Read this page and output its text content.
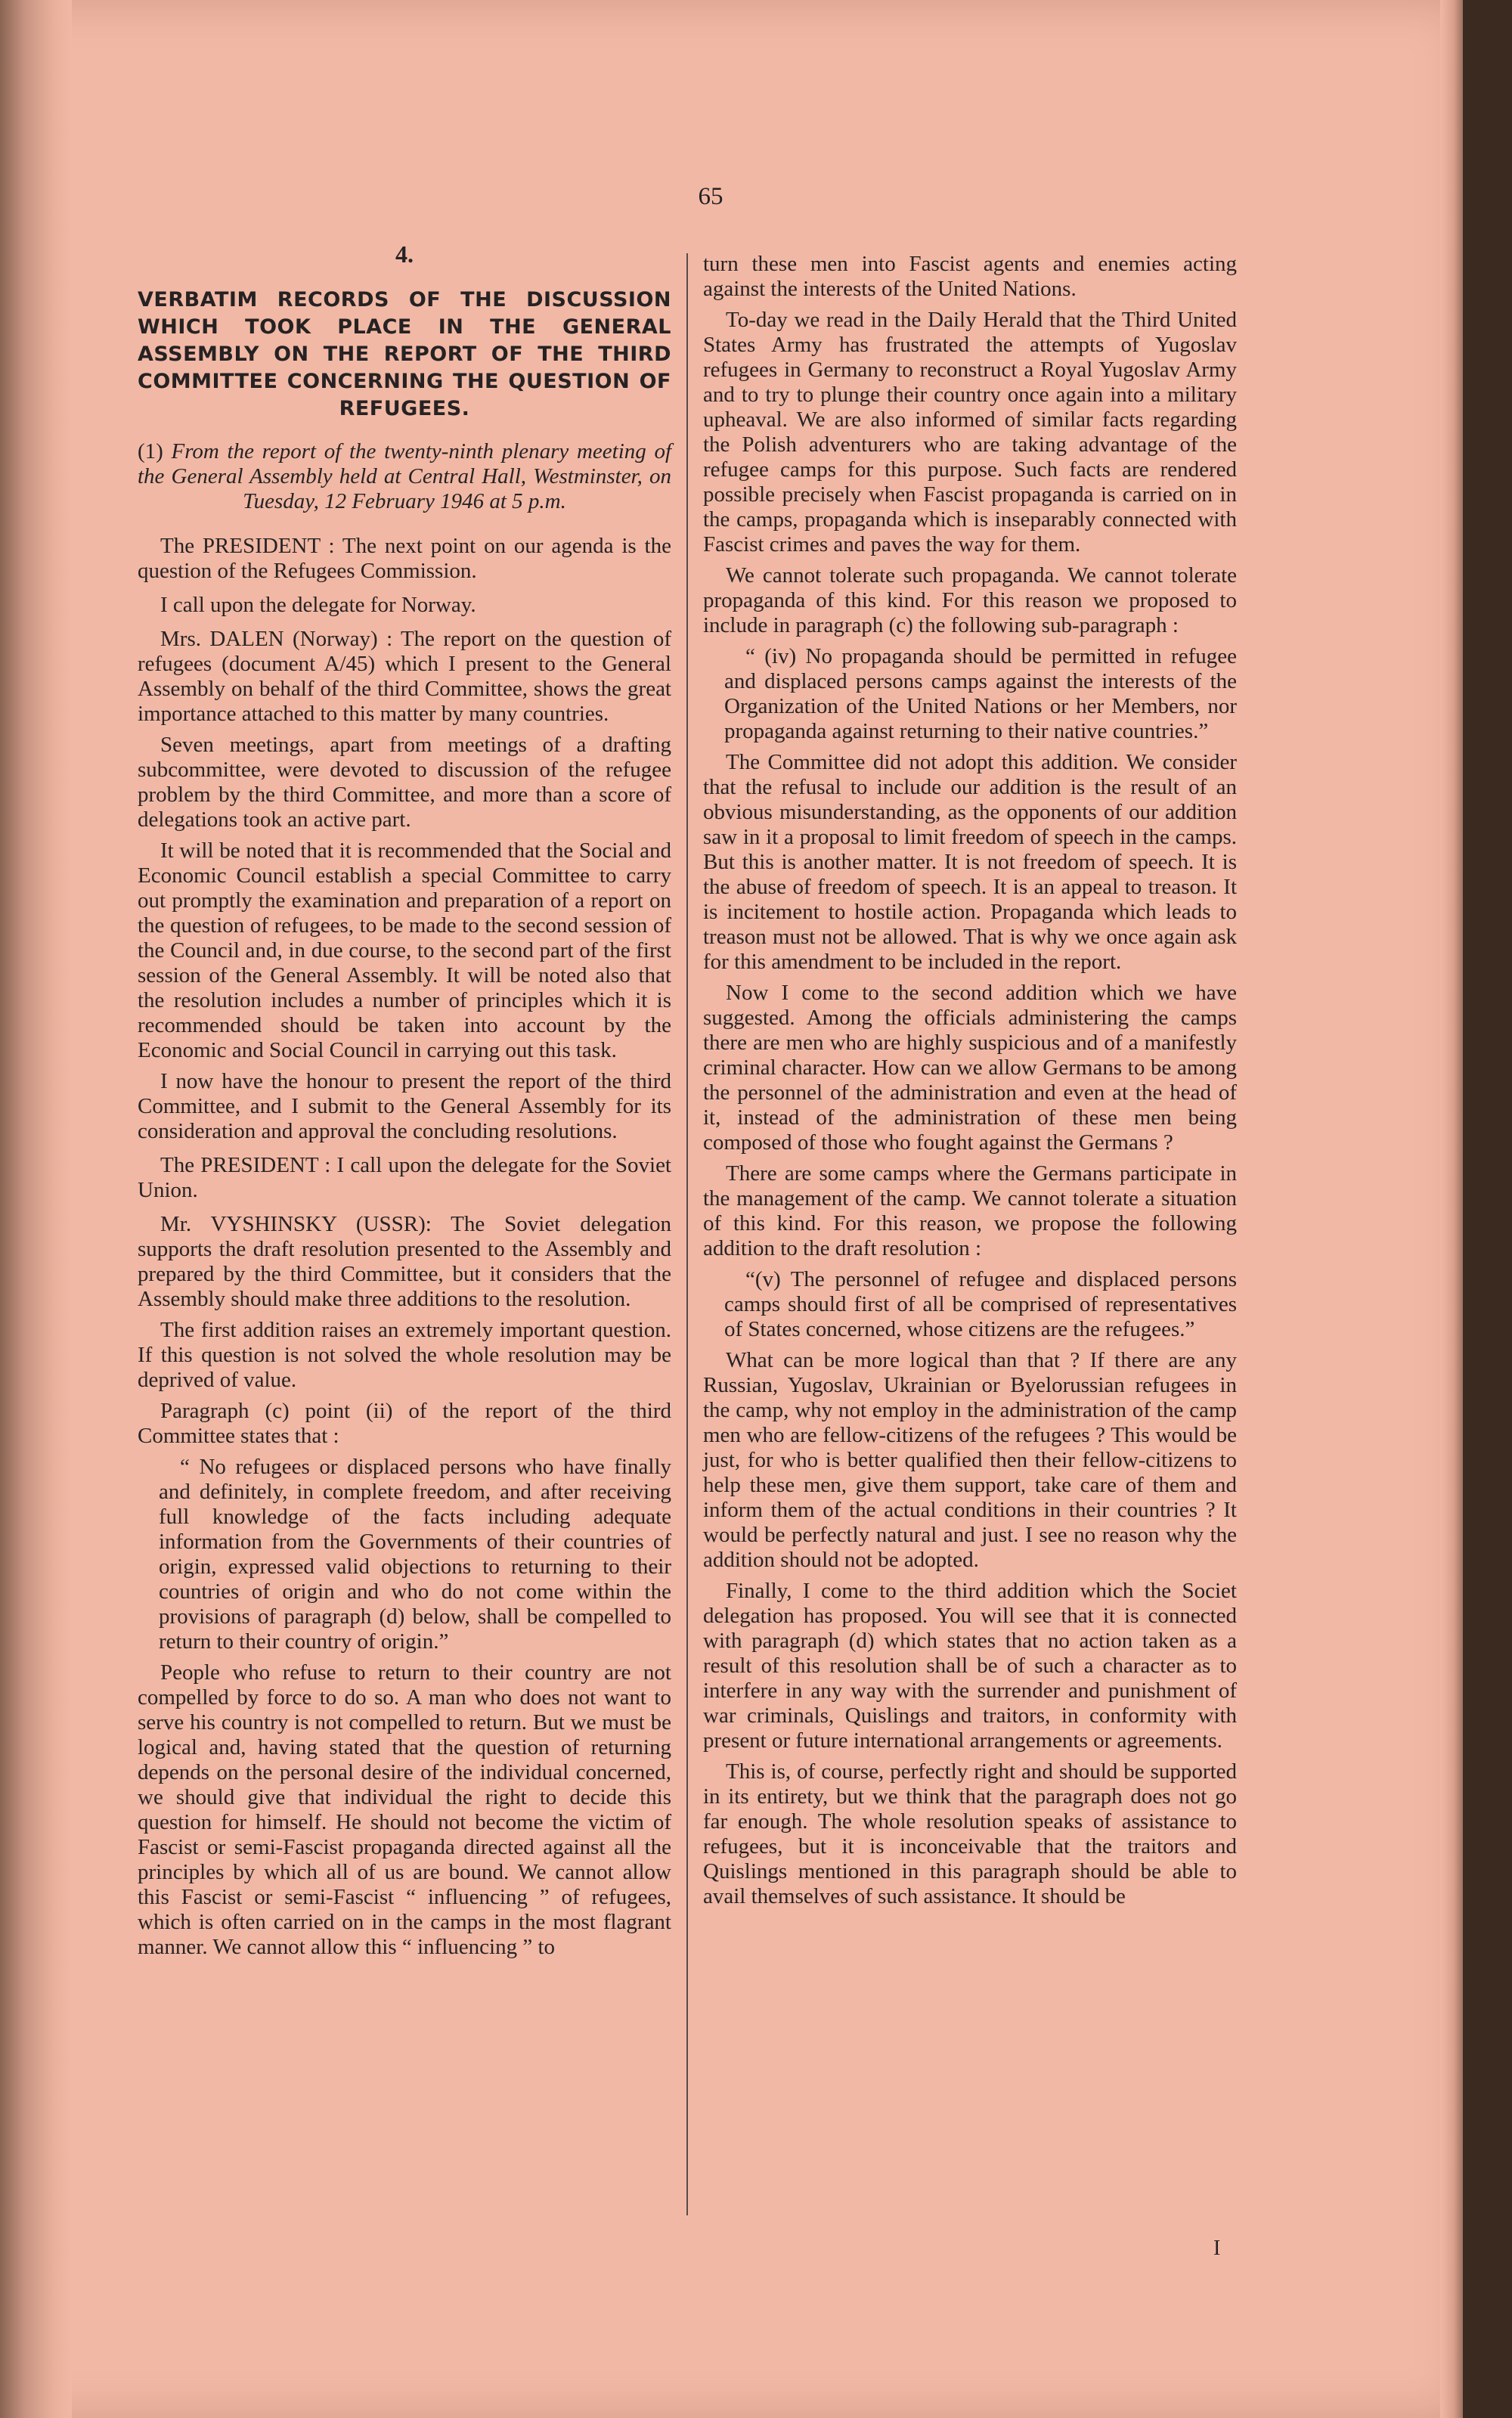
65
4.
VERBATIM RECORDS OF THE DISCUSSION WHICH TOOK PLACE IN THE GENERAL ASSEMBLY ON THE REPORT OF THE THIRD COMMITTEE CONCERNING THE QUESTION OF REFUGEES.
(1) From the report of the twenty-ninth plenary meeting of the General Assembly held at Central Hall, Westminster, on Tuesday, 12 February 1946 at 5 p.m.

The PRESIDENT : The next point on our agenda is the question of the Refugees Commission.

I call upon the delegate for Norway.

Mrs. DALEN (Norway) : The report on the question of refugees (document A/45) which I present to the General Assembly on behalf of the third Committee, shows the great importance attached to this matter by many countries.

Seven meetings, apart from meetings of a drafting subcommittee, were devoted to discussion of the refugee problem by the third Committee, and more than a score of delegations took an active part.

It will be noted that it is recommended that the Social and Economic Council establish a special Committee to carry out promptly the examination and preparation of a report on the question of refugees, to be made to the second session of the Council and, in due course, to the second part of the first session of the General Assembly. It will be noted also that the resolution includes a number of principles which it is recommended should be taken into account by the Economic and Social Council in carrying out this task.

I now have the honour to present the report of the third Committee, and I submit to the General Assembly for its consideration and approval the concluding resolutions.

The PRESIDENT : I call upon the delegate for the Soviet Union.

Mr. VYSHINSKY (USSR): The Soviet delegation supports the draft resolution presented to the Assembly and prepared by the third Committee, but it considers that the Assembly should make three additions to the resolution.

The first addition raises an extremely important question. If this question is not solved the whole resolution may be deprived of value.

Paragraph (c) point (ii) of the report of the third Committee states that :

“ No refugees or displaced persons who have finally and definitely, in complete freedom, and after receiving full knowledge of the facts including adequate information from the Governments of their countries of origin, expressed valid objections to returning to their countries of origin and who do not come within the provisions of paragraph (d) below, shall be compelled to return to their country of origin.”

People who refuse to return to their country are not compelled by force to do so. A man who does not want to serve his country is not compelled to return. But we must be logical and, having stated that the question of returning depends on the personal desire of the individual concerned, we should give that individual the right to decide this question for himself. He should not become the victim of Fascist or semi-Fascist propaganda directed against all the principles by which all of us are bound. We cannot allow this Fascist or semi-Fascist “ influencing ” of refugees, which is often carried on in the camps in the most flagrant manner. We cannot allow this “ influencing ” to

turn these men into Fascist agents and enemies acting against the interests of the United Nations.

To-day we read in the Daily Herald that the Third United States Army has frustrated the attempts of Yugoslav refugees in Germany to reconstruct a Royal Yugoslav Army and to try to plunge their country once again into a military upheaval. We are also informed of similar facts regarding the Polish adventurers who are taking advantage of the refugee camps for this purpose. Such facts are rendered possible precisely when Fascist propaganda is carried on in the camps, propaganda which is inseparably connected with Fascist crimes and paves the way for them.

We cannot tolerate such propaganda. We cannot tolerate propaganda of this kind. For this reason we proposed to include in paragraph (c) the following sub-paragraph :

“ (iv) No propaganda should be permitted in refugee and displaced persons camps against the interests of the Organization of the United Nations or her Members, nor propaganda against returning to their native countries.”

The Committee did not adopt this addition. We consider that the refusal to include our addition is the result of an obvious misunderstanding, as the opponents of our addition saw in it a proposal to limit freedom of speech in the camps. But this is another matter. It is not freedom of speech. It is the abuse of freedom of speech. It is an appeal to treason. It is incitement to hostile action. Propaganda which leads to treason must not be allowed. That is why we once again ask for this amendment to be included in the report.

Now I come to the second addition which we have suggested. Among the officials administering the camps there are men who are highly suspicious and of a manifestly criminal character. How can we allow Germans to be among the personnel of the administration and even at the head of it, instead of the administration of these men being composed of those who fought against the Germans ?

There are some camps where the Germans participate in the management of the camp. We cannot tolerate a situation of this kind. For this reason, we propose the following addition to the draft resolution :

“(v) The personnel of refugee and displaced persons camps should first of all be comprised of representatives of States concerned, whose citizens are the refugees.”

What can be more logical than that ? If there are any Russian, Yugoslav, Ukrainian or Byelorussian refugees in the camp, why not employ in the administration of the camp men who are fellow-citizens of the refugees ? This would be just, for who is better qualified then their fellow-citizens to help these men, give them support, take care of them and inform them of the actual conditions in their countries ? It would be perfectly natural and just. I see no reason why the addition should not be adopted.

Finally, I come to the third addition which the Societ delegation has proposed. You will see that it is connected with paragraph (d) which states that no action taken as a result of this resolution shall be of such a character as to interfere in any way with the surrender and punishment of war criminals, Quislings and traitors, in conformity with present or future international arrangements or agreements.

This is, of course, perfectly right and should be supported in its entirety, but we think that the paragraph does not go far enough. The whole resolution speaks of assistance to refugees, but it is inconceivable that the traitors and Quislings mentioned in this paragraph should be able to avail themselves of such assistance. It should be

I
